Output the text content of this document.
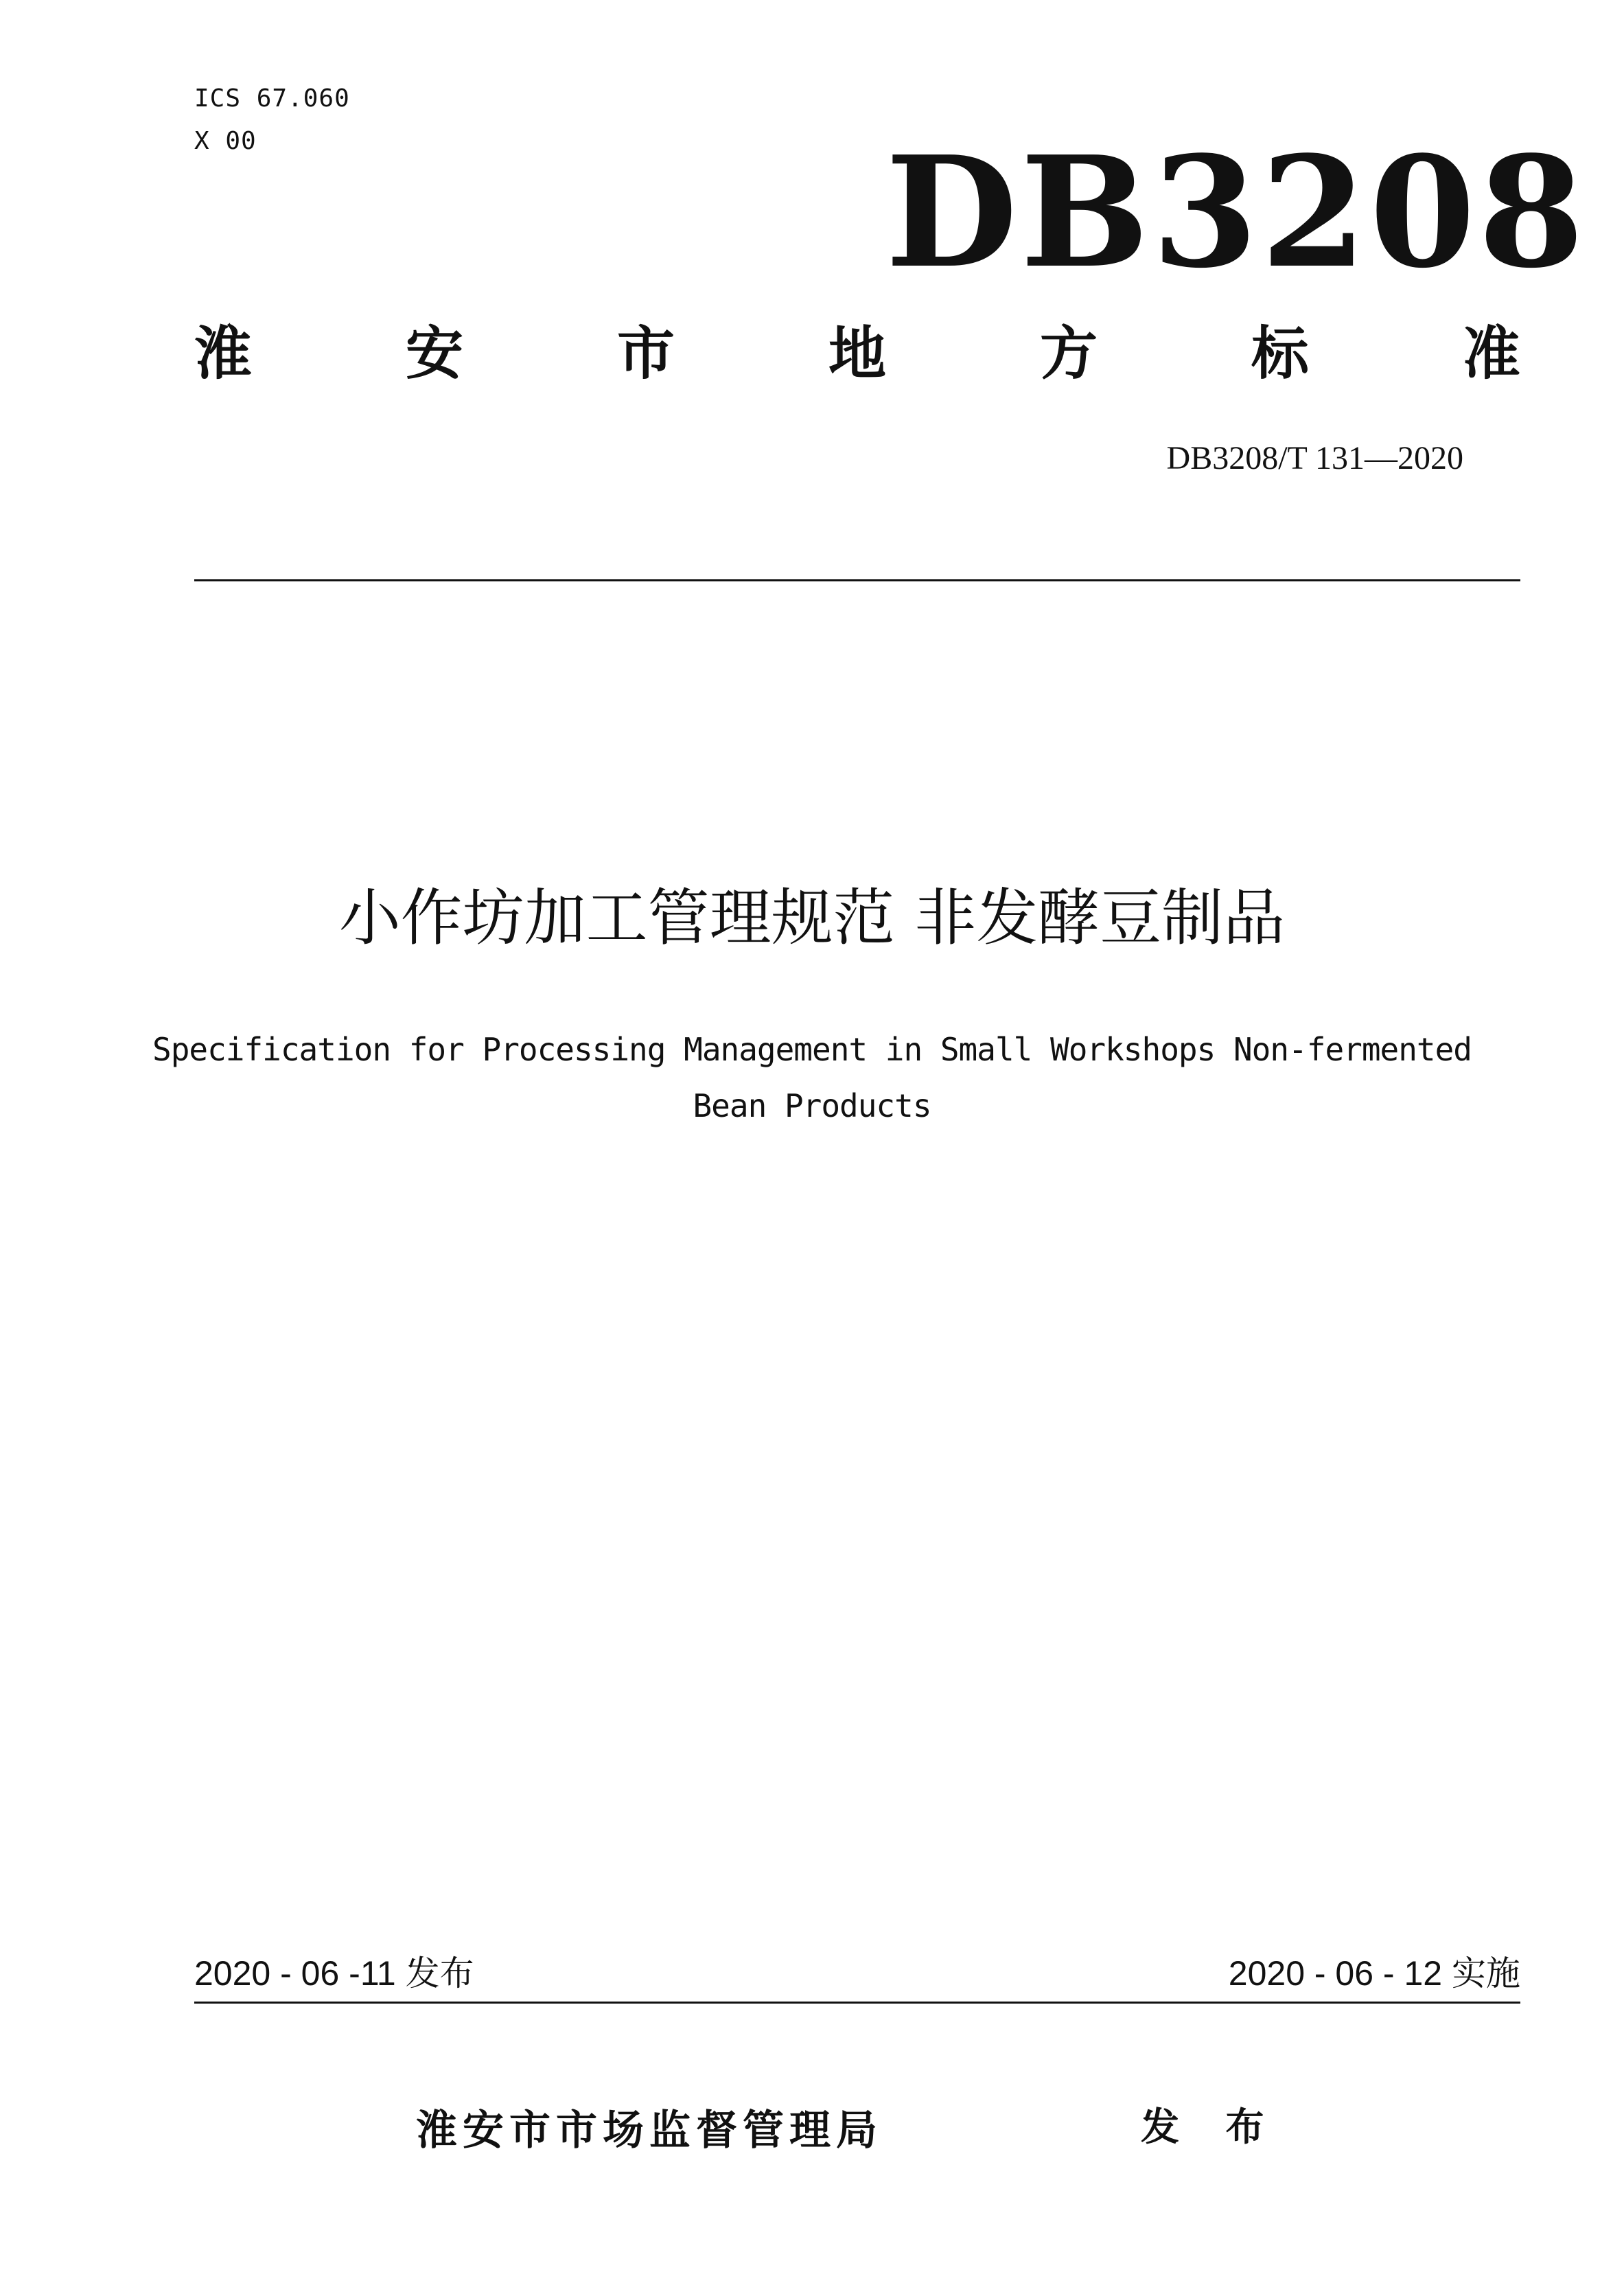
ICS 67.060
X 00	DB3208
淮	安	市	地	方	标	准
DB3208/T 131—2020
小作坊加工管理规范 非发酵豆制品
Specification for Processing Management in Small Workshops Non-fermented
Bean Products
2020 - 06 -11 发布	2020 - 06 - 12 实施
淮安市市场监督管理局	发 布
